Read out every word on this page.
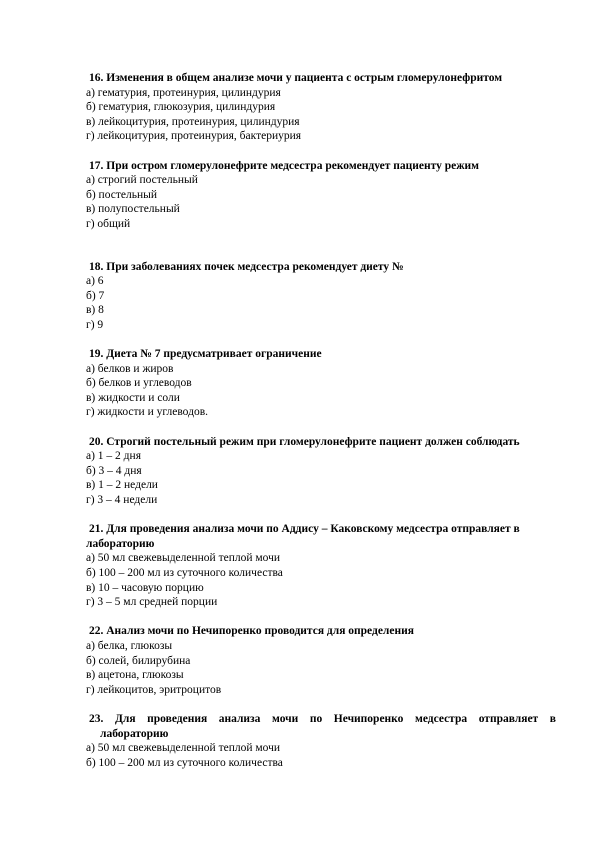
16. Изменения в общем анализе мочи у пациента с острым гломерулонефритом

а) гематурия, протеинурия, цилиндурия

б) гематурия, глюкозурия, цилиндурия

в) лейкоцитурия, протеинурия, цилиндурия

г) лейкоцитурия, протеинурия, бактериурия

17. При остром гломерулонефрите медсестра рекомендует пациенту режим

а) строгий постельный

б) постельный

в) полупостельный

г) общий

18. При заболеваниях почек медсестра рекомендует диету №

а) 6

б) 7

в) 8

г) 9

19. Диета № 7 предусматривает ограничение

а) белков и жиров

б) белков и углеводов

в) жидкости и соли

г) жидкости и углеводов.

20. Строгий постельный режим при гломерулонефрите пациент должен соблюдать

а) 1 – 2 дня

б) 3 – 4 дня

в) 1 – 2 недели

г) 3 – 4 недели

21. Для проведения анализа мочи по Аддису – Каковскому медсестра отправляет в

лабораторию

а) 50 мл свежевыделенной теплой мочи

б) 100 – 200 мл из суточного количества

в) 10 – часовую порцию

г) 3 – 5 мл средней порции

22. Анализ мочи по Нечипоренко проводится для определения

а) белка, глюкозы

б) солей, билирубина

в) ацетона, глюкозы

г) лейкоцитов, эритроцитов

23. Для проведения анализа мочи по Нечипоренко медсестра отправляет в

лабораторию

а) 50 мл свежевыделенной теплой мочи

б) 100 – 200 мл из суточного количества
